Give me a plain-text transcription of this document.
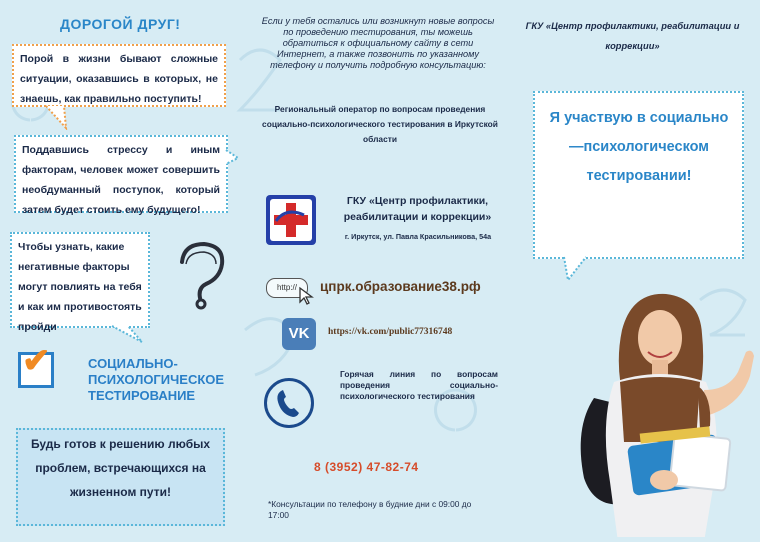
ДОРОГОЙ ДРУГ!
Порой в жизни бывают сложные ситуации, оказавшись в которых, не знаешь, как правильно поступить!
Поддавшись стрессу и иным факторам, человек может совершить необдуманный поступок, который затем будет стоить ему будущего!
Чтобы узнать, какие негативные факторы могут повлиять на тебя и как им противостоять пройди
✔	СОЦИАЛЬНО-ПСИХОЛОГИЧЕСКОЕ ТЕСТИРОВАНИЕ
Будь готов к решению любых проблем, встречающихся на жизненном пути!
Если у тебя остались или возникнут новые вопросы по проведению тестирования, ты можешь обратиться к официальному сайту в сети Интернет, а также позвонить по указанному телефону и получить подробную консультацию:
Региональный оператор по вопросам проведения социально-психологического тестирования в Иркутской области
ГКУ «Центр профилактики, реабилитации и коррекции»
г. Иркутск, ул. Павла Красильникова, 54а
http://	цпрк.образование38.рф
VK	https://vk.com/public77316748
Горячая линия по вопросам проведения социально-психологического тестирования
8 (3952) 47-82-74
*Консультации по телефону в будние дни с 09:00 до 17:00
ГКУ «Центр профилактики, реабилитации и коррекции»
Я участвую в социально—психологическом тестировании!
